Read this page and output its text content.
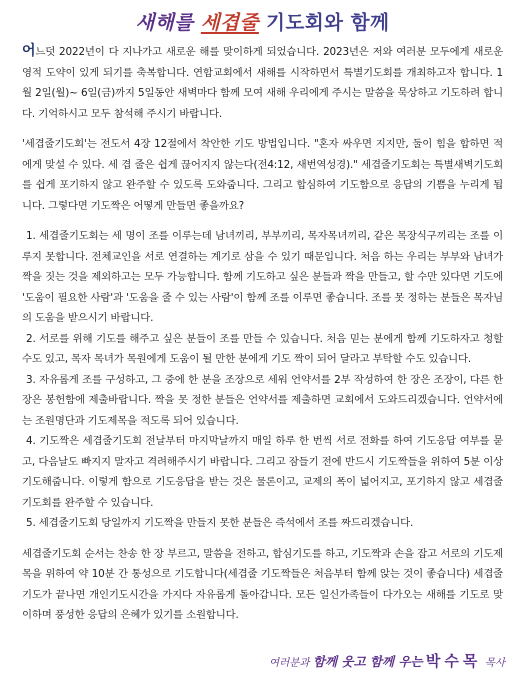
새해를 세겹줄 기도회와 함께

어느덧 2022년이 다 지나가고 새로운 해를 맞이하게 되었습니다. 2023년은 저와 여러분 모두에게 새로운 영적 도약이 있게 되기를 축복합니다. 연합교회에서 새해를 시작하면서 특별기도회를 개최하고자 합니다. 1월 2일(월)~ 6일(금)까지 5일동안 새벽마다 함께 모여 새해 우리에게 주시는 말씀을 묵상하고 기도하려 합니다. 기억하시고 모두 참석해 주시기 바랍니다.

'세겹줄기도회'는 전도서 4장 12절에서 착안한 기도 방법입니다. "혼자 싸우면 지지만, 둘이 힘을 합하면 적에게 맞설 수 있다. 세 겹 줄은 쉽게 끊어지지 않는다(전4:12, 새번역성경)." 세겹줄기도회는 특별새벽기도회를 쉽게 포기하지 않고 완주할 수 있도록 도와줍니다. 그리고 합심하여 기도함으로 응답의 기쁨을 누리게 됩니다. 그렇다면 기도짝은 어떻게 만들면 좋을까요?

1. 세겹줄기도회는 세 명이 조를 이루는데 남녀끼리, 부부끼리, 목자목녀끼리, 같은 목장식구끼리는 조를 이루지 못합니다. 전체교인을 서로 연결하는 계기로 삼을 수 있기 때문입니다. 처음 하는 우리는 부부와 남녀가 짝을 짓는 것을 제외하고는 모두 가능합니다. 함께 기도하고 싶은 분들과 짝을 만들고, 할 수만 있다면 기도에 '도움이 필요한 사람'과 '도움을 줄 수 있는 사람'이 함께 조를 이루면 좋습니다. 조를 못 정하는 분들은 목자님의 도움을 받으시기 바랍니다.

2. 서로를 위해 기도를 해주고 싶은 분들이 조를 만들 수 있습니다. 처음 믿는 분에게 함께 기도하자고 청할 수도 있고, 목자 목녀가 목원에게 도움이 될 만한 분에게 기도 짝이 되어 달라고 부탁할 수도 있습니다.

3. 자유롭게 조를 구성하고, 그 중에 한 분을 조장으로 세워 언약서를 2부 작성하여 한 장은 조장이, 다른 한 장은 봉헌함에 제출바랍니다. 짝을 못 정한 분들은 언약서를 제출하면 교회에서 도와드리겠습니다. 언약서에는 조원명단과 기도제목을 적도록 되어 있습니다.

4. 기도짝은 세겹줄기도회 전날부터 마지막날까지 매일 하루 한 번씩 서로 전화를 하여 기도응답 여부를 묻고, 다음날도 빠지지 말자고 격려해주시기 바랍니다. 그리고 잠들기 전에 반드시 기도짝들을 위하여 5분 이상 기도해줍니다. 이렇게 함으로 기도응답을 받는 것은 물론이고, 교제의 폭이 넓어지고, 포기하지 않고 세겹줄기도회를 완주할 수 있습니다.

5. 세겹줄기도회 당일까지 기도짝을 만들지 못한 분들은 즉석에서 조를 짜드리겠습니다.

세겹줄기도회 순서는 찬송 한 장 부르고, 말씀을 전하고, 합심기도를 하고, 기도짝과 손을 잡고 서로의 기도제목을 위하여 약 10분 간 통성으로 기도합니다(세겹줄 기도짝들은 처음부터 함께 앉는 것이 좋습니다) 세겹줄기도가 끝나면 개인기도시간을 가지다 자유롭게 돌아갑니다. 모든 일신가족들이 다가오는 새해를 기도로 맞이하며 풍성한 응답의 은혜가 있기를 소원합니다.

여러분과 함께 웃고 함께 우는 박수목 목사
